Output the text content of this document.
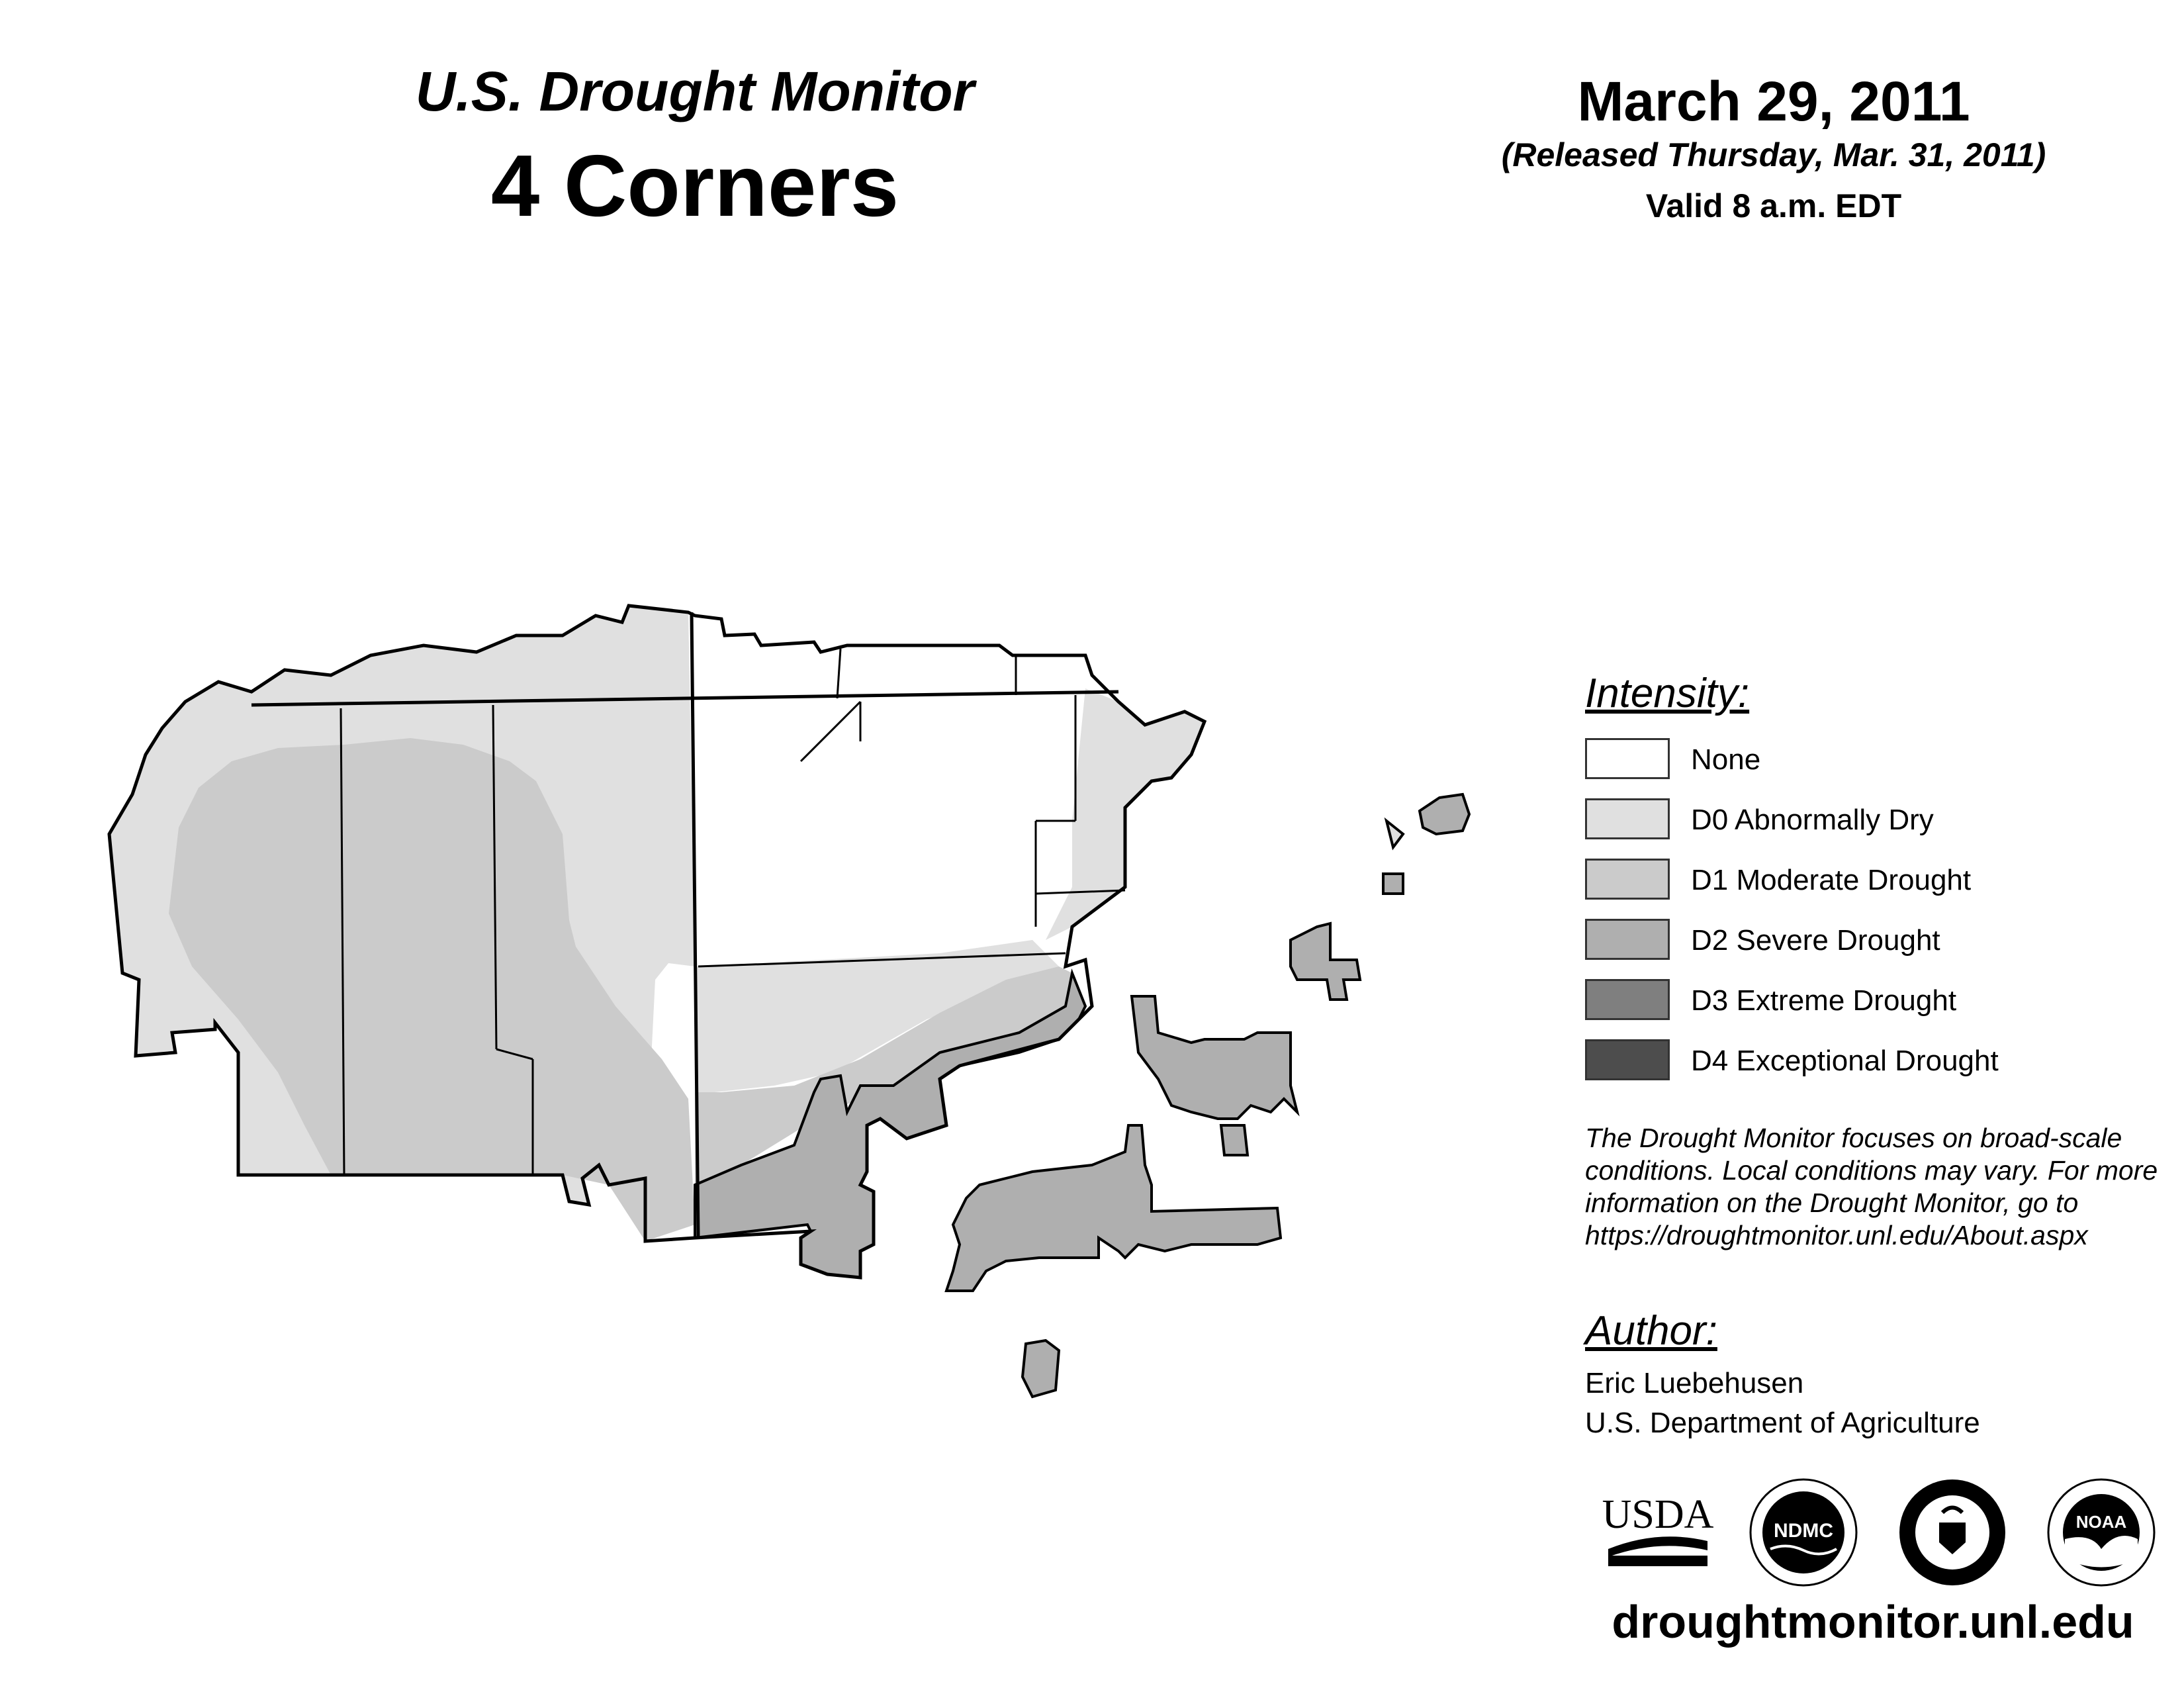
U.S. Drought Monitor
4 Corners
March 29, 2011
(Released Thursday, Mar. 31, 2011)
Valid 8 a.m. EDT
Intensity:
None
D0 Abnormally Dry
D1 Moderate Drought
D2 Severe Drought
D3 Extreme Drought
D4 Exceptional Drought
The Drought Monitor focuses on broad-scale conditions. Local conditions may vary. For more information on the Drought Monitor, go to https://droughtmonitor.unl.edu/About.aspx
Author:
Eric Luebehusen
U.S. Department of Agriculture
USDA	NDMC	NOAA
droughtmonitor.unl.edu
